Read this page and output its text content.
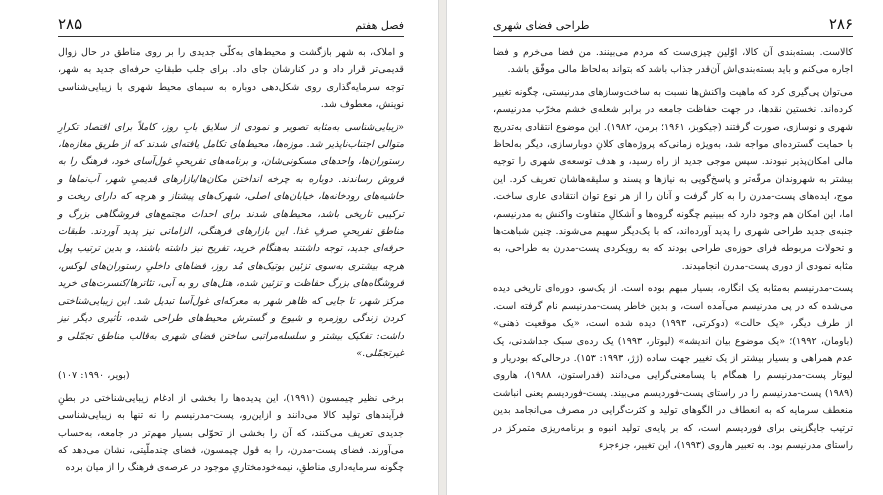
۲۸۵	فصل هفتم

و املاک، به شهر بازگشت و محیط‌های به‌کلّی جدیدی را بر روی مناطق در حال زوال قدیمی‌تر قرار داد و در کنارشان جای داد. برای جلب طبقاتِ حرفه‌ای جدید به شهر، توجه سرمایه‌گذاری روی شکل‌دهی دوباره به سیمای محیط شهری با زیبایی‌شناسی نوینش، معطوف شد.

«زیبایی‌شناسی به‌مثابه تصویر و نمودی از سلایق بابِ روز، کاملاً برای اقتصاد تکرارِ متوالی اجتناب‌ناپذیر شد. موزه‌ها، محیط‌های تکامل یافته‌ای شدند که از طریق مغازه‌ها، رستوران‌ها، واحدهای مسکونی‌شان، و برنامه‌های تفریحیِ غول‌آسای خود، فرهنگ را به فروش رساندند. دوباره به چرخه انداختن مکان‌ها/بازارهای قدیمیِ شهر، آب‌نماها و حاشیه‌های رودخانه‌ها، خیابان‌های اصلی، شهرک‌های پیشتاز و هرچه که دارای ریخت و ترکیبی تاریخی باشد، محیط‌های شدند برای احداث مجتمع‌های فروشگاهی بزرگ و مناطق تفریحیِ صرفِ غذا. این بازارهای فرهنگی، الزاماتی نیز پدید آوردند. طبقات حرفه‌ای جدید، توجه داشتند به‌هنگام خرید، تفریح نیز داشته باشند، و بدین ترتیب پول هرچه بیشتری به‌سوی تزئین بوتیک‌های مُد روز، فضاهای داخلیِ رستوران‌های لوکس، فروشگاه‌های بزرگ حفاظت و تزئین شده، هتل‌های رو به آبی، تئاترها/کنسرت‌های خرید مرکز شهر، تا جایی که ظاهر شهر به معرکه‌ای غول‌آسا تبدیل شد. این زیبایی‌شناختی کردن زندگی روزمره و شیوع و گسترش محیط‌های طراحی شده، تأثیری دیگر نیز داشت: تفکیک بیشتر و سلسله‌مراتبی ساختن فضای شهری به‌قالب مناطق تجمّلی و غیرتجمّلی.»

(بویر، ۱۹۹۰: ۱۰۷)

برخی نظیر چیمسون (۱۹۹۱)، این پدیده‌ها را بخشی از ادغام زیبایی‌شناختی در بطنِ فرآیندهای تولید کالا می‌دانند و ازاین‌رو، پست-مدرنیسم را نه تنها به زیبایی‌شناسی جدیدی تعریف می‌کنند، که آن را بخشی از تحوّلی بسیار مهم‌تر در جامعه، به‌حساب می‌آورند. فضای پست-مدرن، را به قول چیمسون، فضای چندملّیتی، نشان می‌دهد که چگونه سرمایه‌داری مناطقِ، نیمه‌خودمختاریِ موجود در عرصه‌ی فرهنگ را از میان برده

۲۸۶
طراحی فضای شهری

کالاست. بسته‌بندی آن کالا، اوّلین چیزی‌ست که مردم می‌بینند. من فضا می‌خرم و فضا اجاره می‌کنم و باید بسته‌بندی‌اش آن‌قدر جذاب باشد که بتواند به‌لحاظ مالی موفّق باشد.

می‌توان پی‌گیری کرد که ماهیت واکنش‌ها نسبت به ساخت‌وسازهای مدرنیستی، چگونه تغییر کرده‌اند. نخستین نقدها، در جهت حفاظت جامعه در برابر شعله‌ی خشم مخرّب مدرنیسم، شهری و نوسازی، صورت گرفتند (جیکوبز، ۱۹۶۱؛ برمن، ۱۹۸۲). این موضوع انتقادی به‌تدریج با حمایت گسترده‌ای مواجه شد، به‌ویژه زمانی‌که پروژه‌های کلانِ دوبارسازی، دیگر به‌لحاظ مالی امکان‌پذیر نبودند. سپس موجی جدید از راه رسید، و هدف توسعه‌ی شهری را توجیه بیشتر به شهروندان مرفّه‌تر و پاسخ‌گویی به نیازها و پسند و سلیقه‌هاشان تعریف کرد. این موج، ایده‌های پست-مدرن را به کار گرفت و آنان را از هر نوع توان انتقادی عاری ساخت. اما، این امکان هم وجود دارد که ببینیم چگونه گروه‌ها و اَشکالِ متفاوت واکنش به مدرنیسم، جنبه‌ی جدید طراحی شهری را پدید آورده‌اند، که با یک‌دیگر سهیم می‌شوند. چنین شباهت‌ها و تحولات مربوطه فرای حوزه‌ی طراحی بودند که به رویکردی پست-مدرن به طراحی، به مثابه نمودی از دوری پست-مدرن انجامیدند.

پست-مدرنیسم به‌مثابه یک انگاره، بسیار مبهم بوده است. از یک‌سو، دوره‌ای تاریخی دیده می‌شده که در پی مدرنیسم می‌آمده است، و بدین خاطر پست-مدرنیسم نام گرفته است. از طرف دیگر، «یک حالت» (دوکرتی، ۱۹۹۳) دیده شده است، «یک موقعیت ذهنی» (باومان، ۱۹۹۲)؛ «یک موضوع بیان اندیشه» (لیوتار، ۱۹۹۳) یک رده‌ی سبک جداشدنی، یک عدم همراهی و بسیار بیشتر از یک تغییر جهت ساده (ژژ، ۱۹۹۳: ۱۵۳). درحالی‌که بودریار و لیوتار پست-مدرنیسم را همگام با پسامعنی‌گرایی می‌دانند (فدراستون، ۱۹۸۸)، هاروی (۱۹۸۹) پست-مدرنیسم را در راستای پست-فوردیسم می‌بیند. پست-فوردیسم یعنی انباشت منعطف سرمایه که به انعطاف در الگوهای تولید و کثرت‌گرایی در مصرف می‌انجامد بدین ترتیب جایگزینی برای فوردیسم است، که بر پایه‌ی تولید انبوه و برنامه‌ریزی متمرکز در راستای مدرنیسم بود. به تعبیر هاروی (۱۹۹۳)، این تغییر، جزءجزء
